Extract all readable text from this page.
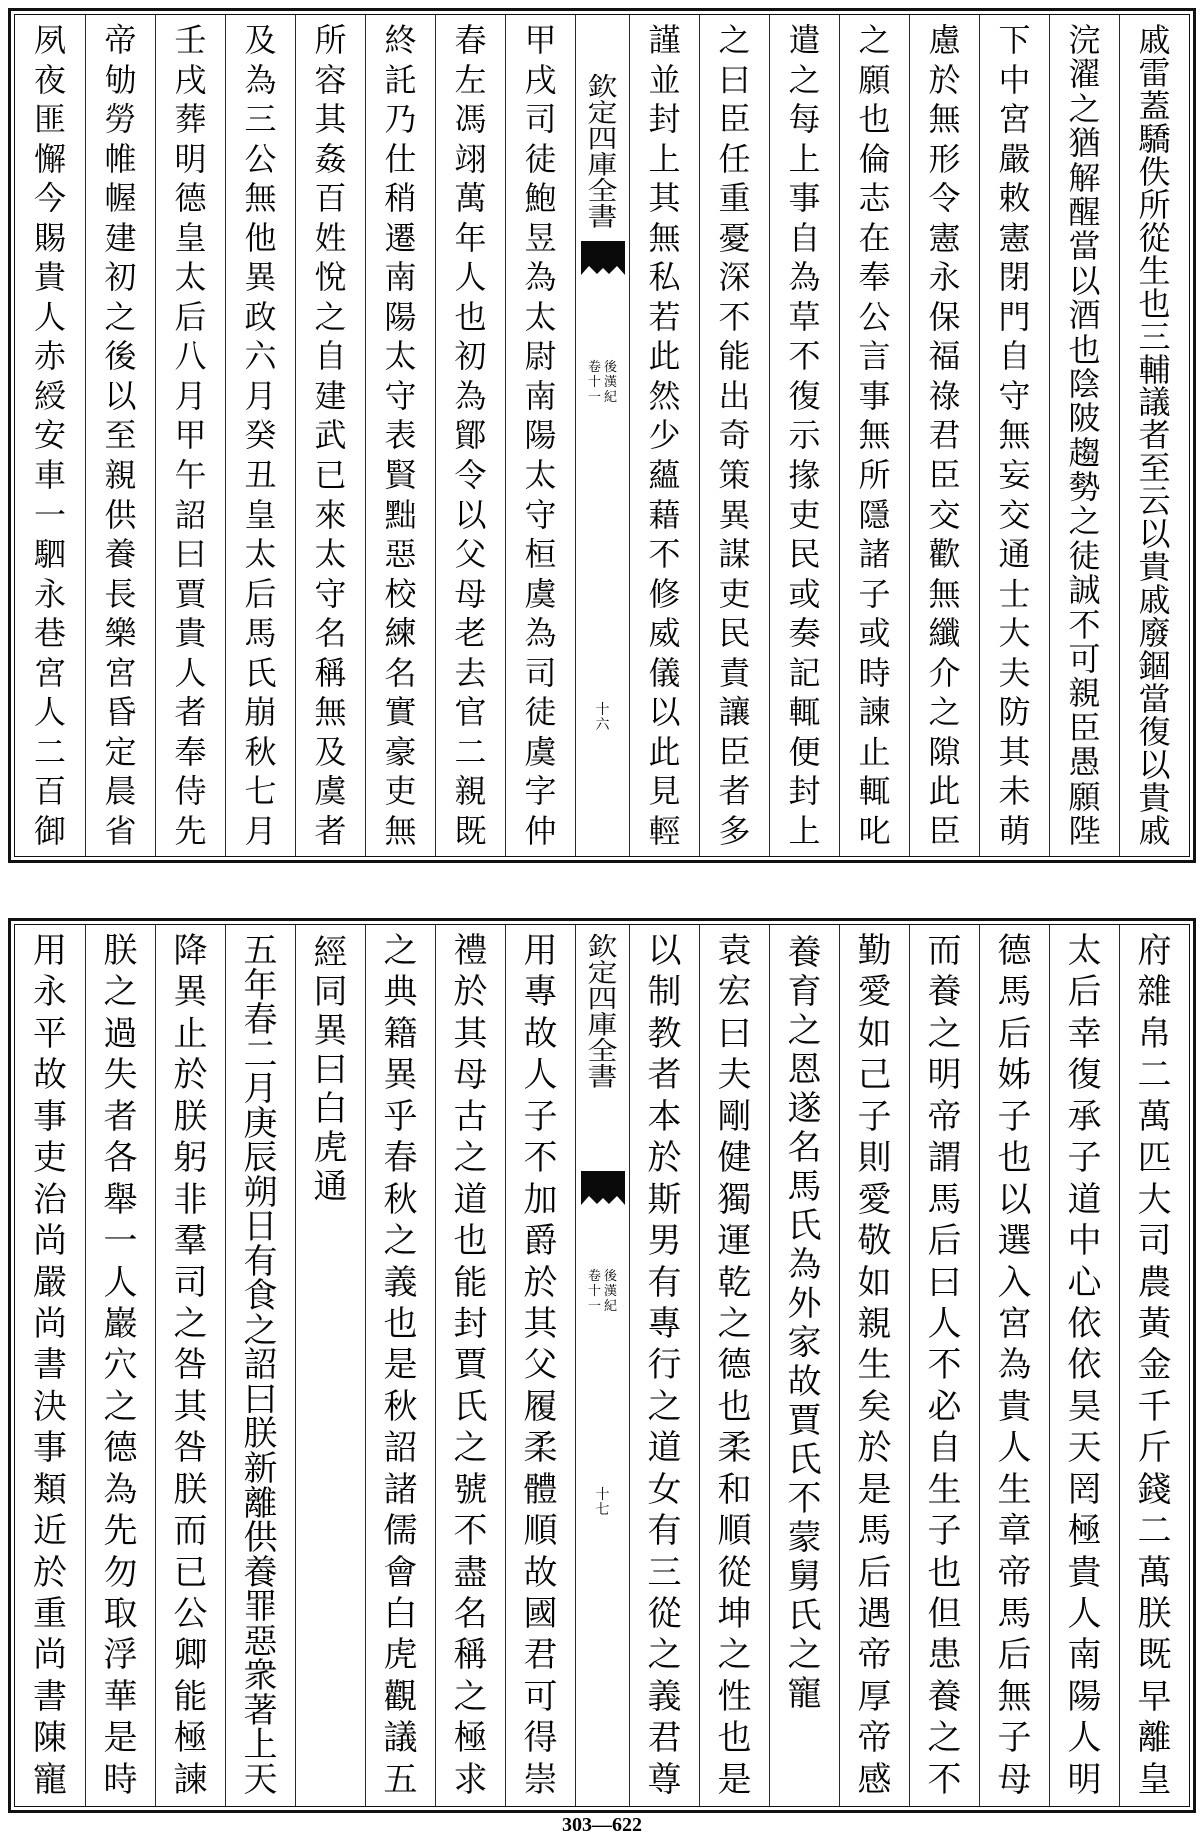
戚
雷
蓋
驕
佚
所
從
生
也
三
輔
議
者
至
云
以
貴
戚
廢
錮
當
復
以
貴
戚
浣
濯
之
猶
解
醒
當
以
酒
也
陰
陂
趨
勢
之
徒
誠
不
可
親
臣
愚
願
陛
下
中
宮
嚴
敕
憲
閉
門
自
守
無
妄
交
通
士
大
夫
防
其
未
萌
慮
於
無
形
令
憲
永
保
福
祿
君
臣
交
歡
無
纖
介
之
隙
此
臣
之
願
也
倫
志
在
奉
公
言
事
無
所
隱
諸
子
或
時
諫
止
輒
叱
遣
之
每
上
事
自
為
草
不
復
示
掾
吏
民
或
奏
記
輒
便
封
上
之
曰
臣
任
重
憂
深
不
能
出
奇
策
異
謀
吏
民
責
讓
臣
者
多
謹
並
封
上
其
無
私
若
此
然
少
蘊
藉
不
修
威
儀
以
此
見
輕
欽
定
四
庫
全
書
後
漢
紀
卷
十
一
十
六
甲
戌
司
徒
鮑
昱
為
太
尉
南
陽
太
守
桓
虞
為
司
徒
虞
字
仲
春
左
馮
翊
萬
年
人
也
初
為
鄮
令
以
父
母
老
去
官
二
親
既
終
託
乃
仕
稍
遷
南
陽
太
守
表
賢
黜
惡
校
練
名
實
豪
吏
無
所
容
其
姦
百
姓
悅
之
自
建
武
已
來
太
守
名
稱
無
及
虞
者
及
為
三
公
無
他
異
政
六
月
癸
丑
皇
太
后
馬
氏
崩
秋
七
月
壬
戌
葬
明
德
皇
太
后
八
月
甲
午
詔
曰
賈
貴
人
者
奉
侍
先
帝
劬
勞
帷
幄
建
初
之
後
以
至
親
供
養
長
樂
宮
昏
定
晨
省
夙
夜
匪
懈
今
賜
貴
人
赤
綬
安
車
一
駟
永
巷
宮
人
二
百
御
府
雜
帛
二
萬
匹
大
司
農
黃
金
千
斤
錢
二
萬
朕
既
早
離
皇
太
后
幸
復
承
子
道
中
心
依
依
昊
天
罔
極
貴
人
南
陽
人
明
德
馬
后
姊
子
也
以
選
入
宮
為
貴
人
生
章
帝
馬
后
無
子
母
而
養
之
明
帝
謂
馬
后
曰
人
不
必
自
生
子
也
但
患
養
之
不
勤
愛
如
己
子
則
愛
敬
如
親
生
矣
於
是
馬
后
遇
帝
厚
帝
感
養
育
之
恩
遂
名
馬
氏
為
外
家
故
賈
氏
不
蒙
舅
氏
之
寵
袁
宏
曰
夫
剛
健
獨
運
乾
之
德
也
柔
和
順
從
坤
之
性
也
是
以
制
教
者
本
於
斯
男
有
專
行
之
道
女
有
三
從
之
義
君
尊
欽
定
四
庫
全
書
後
漢
紀
卷
十
一
十
七
用
專
故
人
子
不
加
爵
於
其
父
履
柔
體
順
故
國
君
可
得
崇
禮
於
其
母
古
之
道
也
能
封
賈
氏
之
號
不
盡
名
稱
之
極
求
之
典
籍
異
乎
春
秋
之
義
也
是
秋
詔
諸
儒
會
白
虎
觀
議
五
經
同
異
曰
白
虎
通
五
年
春
二
月
庚
辰
朔
日
有
食
之
詔
曰
朕
新
離
供
養
罪
惡
衆
著
上
天
降
異
止
於
朕
躬
非
羣
司
之
咎
其
咎
朕
而
已
公
卿
能
極
諫
朕
之
過
失
者
各
舉
一
人
巖
穴
之
德
為
先
勿
取
浮
華
是
時
用
永
平
故
事
吏
治
尚
嚴
尚
書
決
事
類
近
於
重
尚
書
陳
寵
303—622
